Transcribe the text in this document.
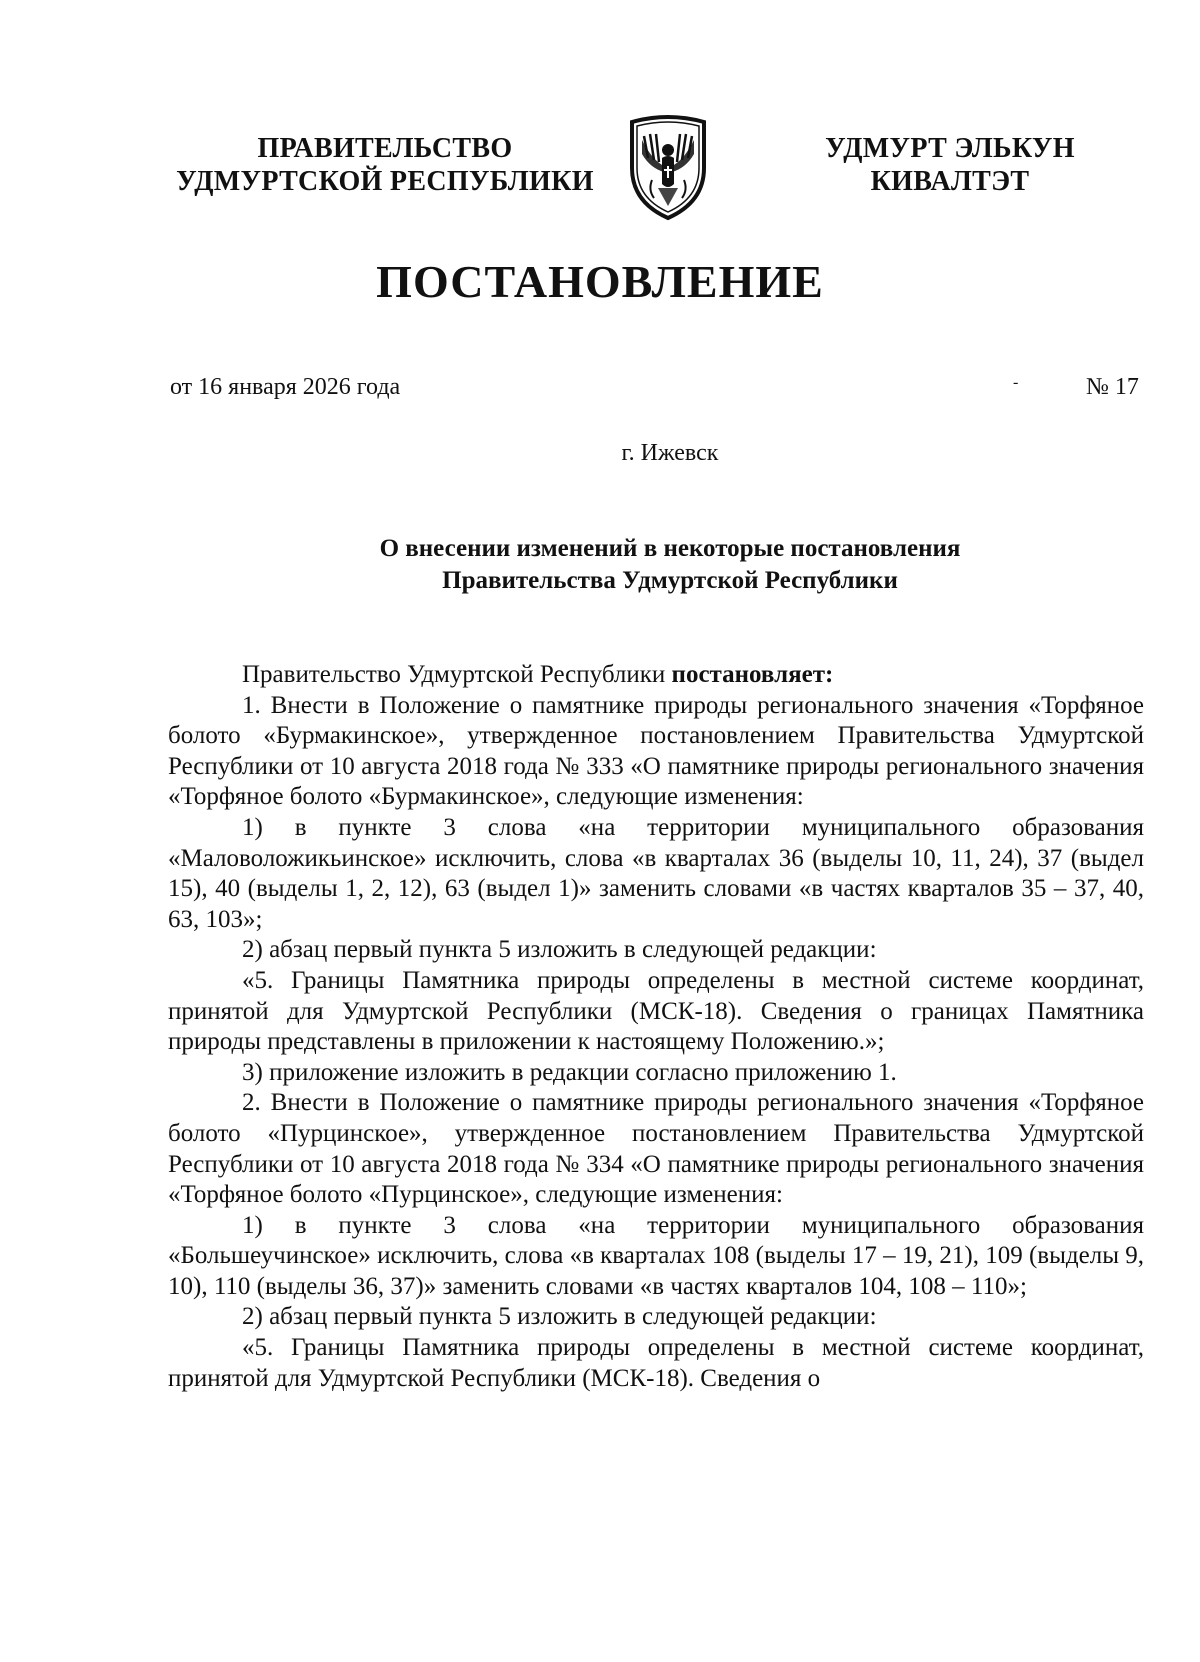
ПРАВИТЕЛЬСТВО
УДМУРТСКОЙ РЕСПУБЛИКИ
УДМУРТ ЭЛЬКУН
КИВАЛТЭТ
ПОСТАНОВЛЕНИЕ
от 16 января 2026 года	-	№ 17
г. Ижевск
О внесении изменений в некоторые постановления
Правительства Удмуртской Республики

Правительство Удмуртской Республики постановляет:

1. Внести в Положение о памятнике природы регионального значения «Торфяное болото «Бурмакинское», утвержденное постановлением Правительства Удмуртской Республики от 10 августа 2018 года № 333 «О памятнике природы регионального значения «Торфяное болото «Бурмакинское», следующие изменения:

1) в пункте 3 слова «на территории муниципального образования «Маловоложикьинское» исключить, слова «в кварталах 36 (выделы 10, 11, 24), 37 (выдел 15), 40 (выделы 1, 2, 12), 63 (выдел 1)» заменить словами «в частях кварталов 35 – 37, 40, 63, 103»;

2) абзац первый пункта 5 изложить в следующей редакции:

«5. Границы Памятника природы определены в местной системе координат, принятой для Удмуртской Республики (МСК-18). Сведения о границах Памятника природы представлены в приложении к настоящему Положению.»;

3) приложение изложить в редакции согласно приложению 1.

2. Внести в Положение о памятнике природы регионального значения «Торфяное болото «Пурцинское», утвержденное постановлением Правительства Удмуртской Республики от 10 августа 2018 года № 334 «О памятнике природы регионального значения «Торфяное болото «Пурцинское», следующие изменения:

1) в пункте 3 слова «на территории муниципального образования «Большеучинское» исключить, слова «в кварталах 108 (выделы 17 – 19, 21), 109 (выделы 9, 10), 110 (выделы 36, 37)» заменить словами «в частях кварталов 104, 108 – 110»;

2) абзац первый пункта 5 изложить в следующей редакции:

«5. Границы Памятника природы определены в местной системе координат, принятой для Удмуртской Республики (МСК-18). Сведения о
